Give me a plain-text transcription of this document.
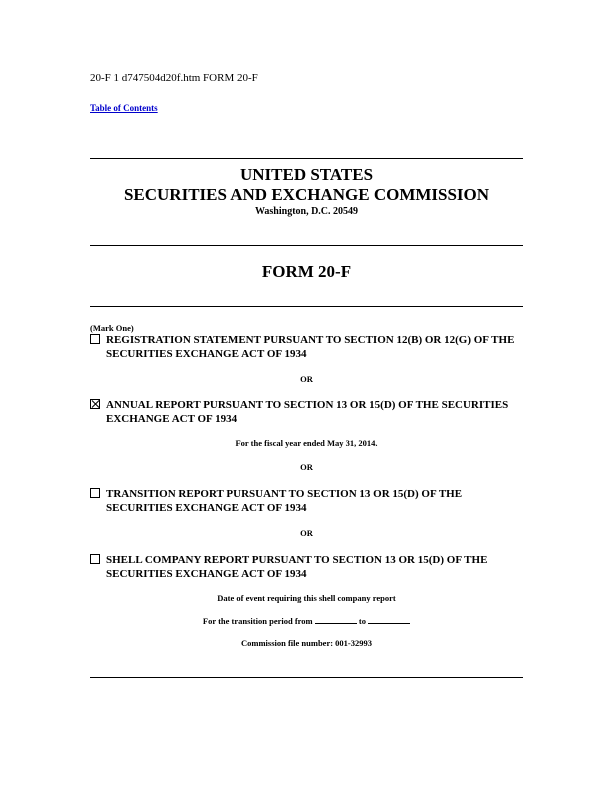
20-F 1 d747504d20f.htm FORM 20-F
Table of Contents
UNITED STATES
SECURITIES AND EXCHANGE COMMISSION
Washington, D.C. 20549
FORM 20-F
(Mark One)
REGISTRATION STATEMENT PURSUANT TO SECTION 12(B) OR 12(G) OF THE SECURITIES EXCHANGE ACT OF 1934
OR
ANNUAL REPORT PURSUANT TO SECTION 13 OR 15(D) OF THE SECURITIES EXCHANGE ACT OF 1934
For the fiscal year ended May 31, 2014.
OR
TRANSITION REPORT PURSUANT TO SECTION 13 OR 15(D) OF THE SECURITIES EXCHANGE ACT OF 1934
OR
SHELL COMPANY REPORT PURSUANT TO SECTION 13 OR 15(D) OF THE SECURITIES EXCHANGE ACT OF 1934
Date of event requiring this shell company report
For the transition period from	to
Commission file number: 001-32993
